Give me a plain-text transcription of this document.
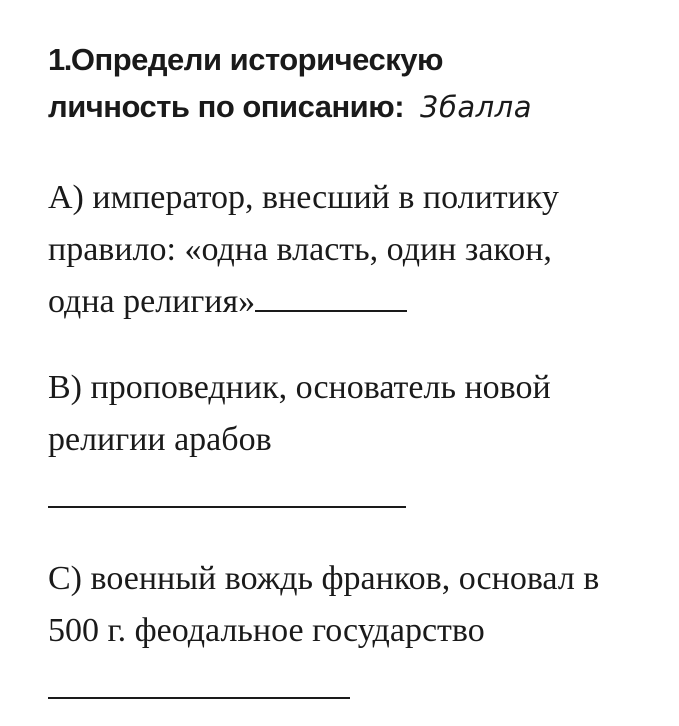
1.Определи историческую
личность по описанию: 3балла
А) император, внесший в политику
правило: «одна власть, один закон,
одна религия»
В) проповедник, основатель новой
религии арабов
С) военный вождь франков, основал в
500 г. феодальное государство
